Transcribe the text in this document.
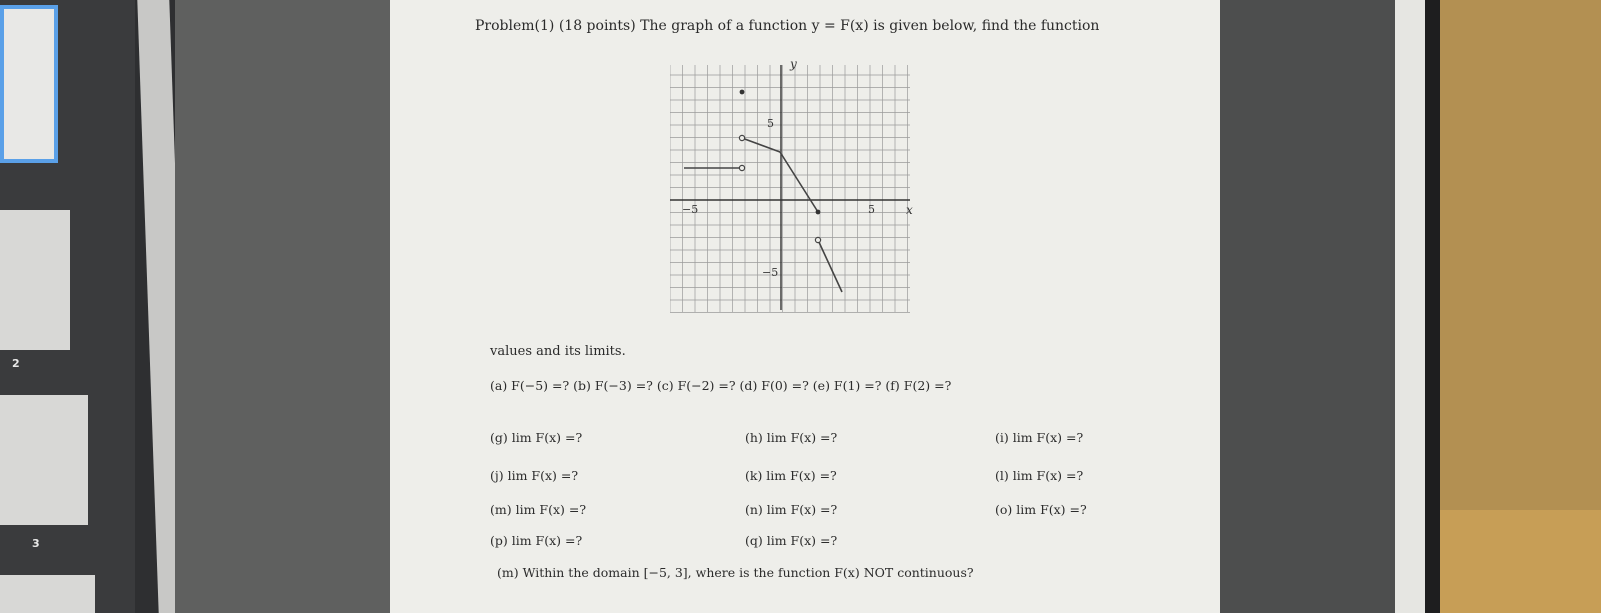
2
3
Problem(1) (18 points) The graph of a function y = F(x) is given below, find the function
y
x
−5	5
5
−5
values and its limits.
(a) F(−5) =? (b) F(−3) =? (c) F(−2) =? (d) F(0) =? (e) F(1) =? (f) F(2) =?
(g) lim F(x) =?	(h) lim F(x) =?	(i) lim F(x) =?
(j) lim F(x) =?	(k) lim F(x) =?	(l) lim F(x) =?
(m) lim F(x) =?	(n) lim F(x) =?	(o) lim F(x) =?
(p) lim F(x) =?	(q) lim F(x) =?
(m) Within the domain [−5, 3], where is the function F(x) NOT continuous?
